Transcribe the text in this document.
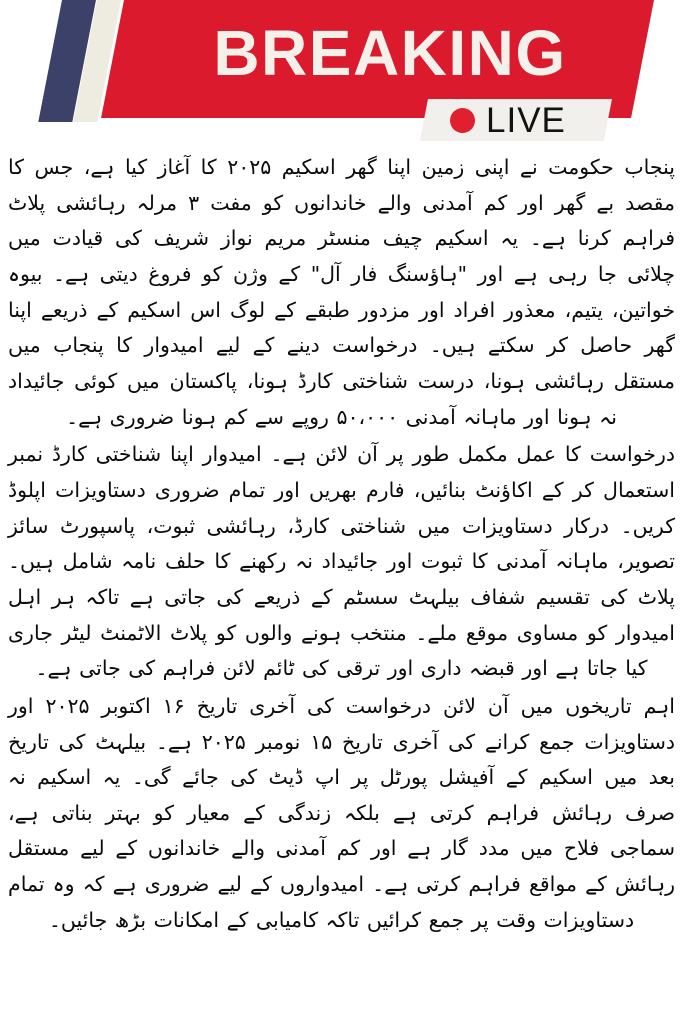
BREAKING
LIVE

پنجاب حکومت نے اپنی زمین اپنا گھر اسکیم ۲۰۲۵ کا آغاز کیا ہے، جس کا مقصد بے گھر اور کم آمدنی والے خاندانوں کو مفت ۳ مرلہ رہائشی پلاٹ فراہم کرنا ہے۔ یہ اسکیم چیف منسٹر مریم نواز شریف کی قیادت میں چلائی جا رہی ہے اور "ہاؤسنگ فار آل" کے وژن کو فروغ دیتی ہے۔ بیوہ خواتین، یتیم، معذور افراد اور مزدور طبقے کے لوگ اس اسکیم کے ذریعے اپنا گھر حاصل کر سکتے ہیں۔ درخواست دینے کے لیے امیدوار کا پنجاب میں مستقل رہائشی ہونا، درست شناختی کارڈ ہونا، پاکستان میں کوئی جائیداد نہ ہونا اور ماہانہ آمدنی ۵۰،۰۰۰ روپے سے کم ہونا ضروری ہے۔

درخواست کا عمل مکمل طور پر آن لائن ہے۔ امیدوار اپنا شناختی کارڈ نمبر استعمال کر کے اکاؤنٹ بنائیں، فارم بھریں اور تمام ضروری دستاویزات اپلوڈ کریں۔ درکار دستاویزات میں شناختی کارڈ، رہائشی ثبوت، پاسپورٹ سائز تصویر، ماہانہ آمدنی کا ثبوت اور جائیداد نہ رکھنے کا حلف نامہ شامل ہیں۔ پلاٹ کی تقسیم شفاف بیلہٹ سسٹم کے ذریعے کی جاتی ہے تاکہ ہر اہل امیدوار کو مساوی موقع ملے۔ منتخب ہونے والوں کو پلاٹ الاٹمنٹ لیٹر جاری کیا جاتا ہے اور قبضہ داری اور ترقی کی ٹائم لائن فراہم کی جاتی ہے۔

اہم تاریخوں میں آن لائن درخواست کی آخری تاریخ ۱۶ اکتوبر ۲۰۲۵ اور دستاویزات جمع کرانے کی آخری تاریخ ۱۵ نومبر ۲۰۲۵ ہے۔ بیلہٹ کی تاریخ بعد میں اسکیم کے آفیشل پورٹل پر اپ ڈیٹ کی جائے گی۔ یہ اسکیم نہ صرف رہائش فراہم کرتی ہے بلکہ زندگی کے معیار کو بہتر بناتی ہے، سماجی فلاح میں مدد گار ہے اور کم آمدنی والے خاندانوں کے لیے مستقل رہائش کے مواقع فراہم کرتی ہے۔ امیدواروں کے لیے ضروری ہے کہ وہ تمام دستاویزات وقت پر جمع کرائیں تاکہ کامیابی کے امکانات بڑھ جائیں۔
